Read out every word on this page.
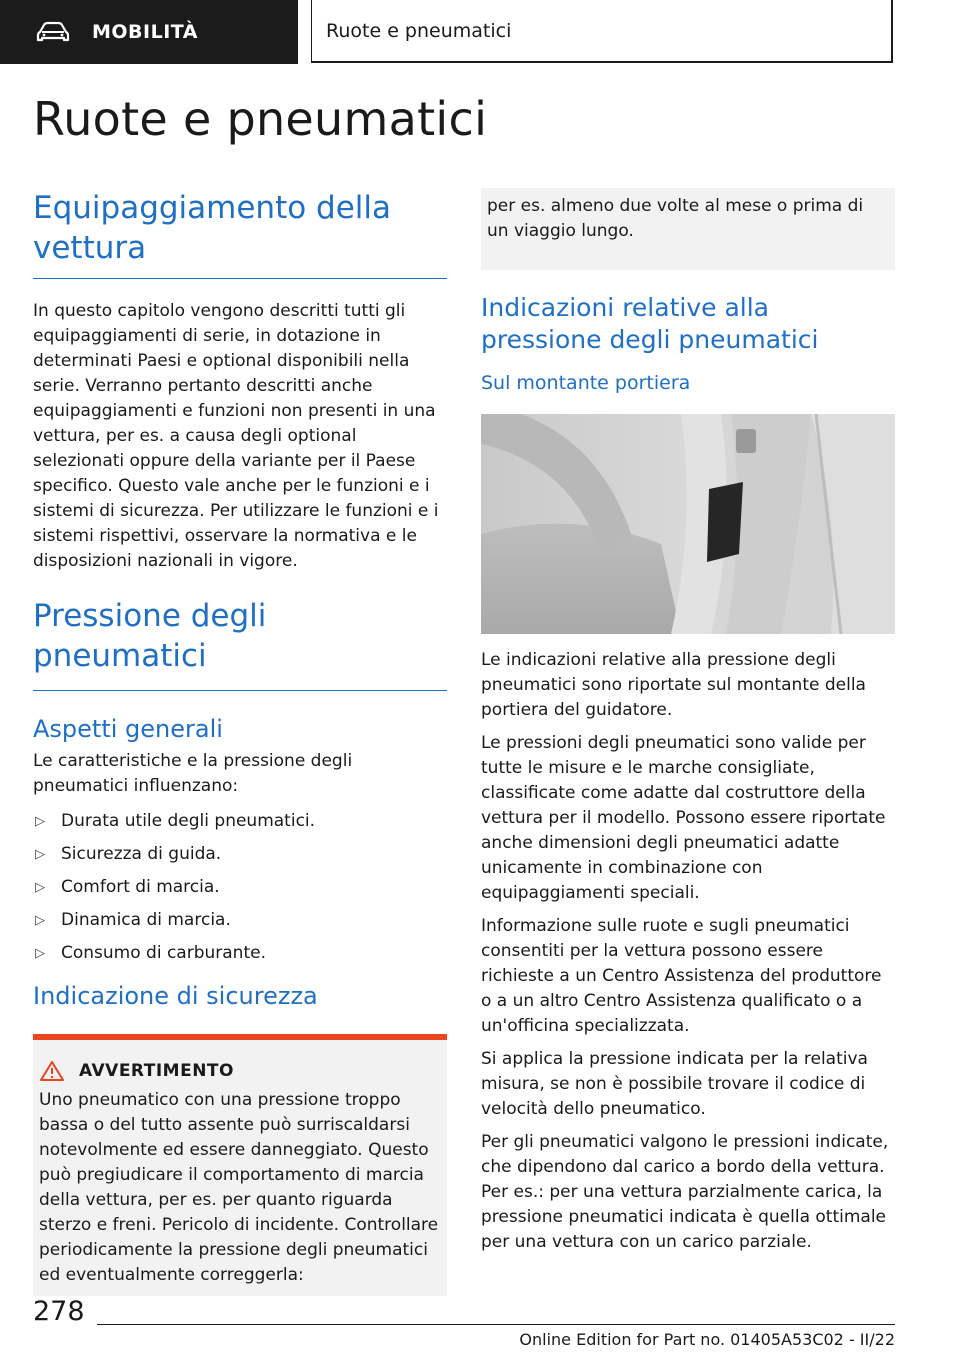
MOBILITÀ	Ruote e pneumatici
Ruote e pneumatici
Equipaggiamento della vettura

In questo capitolo vengono descritti tutti gli equipaggiamenti di serie, in dotazione in determinati Paesi e optional disponibili nella serie. Verranno pertanto descritti anche equipaggiamenti e funzioni non presenti in una vettura, per es. a causa degli optional selezionati oppure della variante per il Paese specifico. Questo vale anche per le funzioni e i sistemi di sicurezza. Per utilizzare le funzioni e i sistemi rispettivi, osservare la normativa e le disposizioni nazionali in vigore.

Pressione degli pneumatici
Aspetti generali

Le caratteristiche e la pressione degli pneumatici influenzano:

▷ Durata utile degli pneumatici.
▷ Sicurezza di guida.
▷ Comfort di marcia.
▷ Dinamica di marcia.
▷ Consumo di carburante.
Indicazione di sicurezza
AVVERTIMENTO

Uno pneumatico con una pressione troppo bassa o del tutto assente può surriscaldarsi notevolmente ed essere danneggiato. Questo può pregiudicare il comportamento di marcia della vettura, per es. per quanto riguarda sterzo e freni. Pericolo di incidente. Controllare periodicamente la pressione degli pneumatici ed eventualmente correggerla:

per es. almeno due volte al mese o prima di un viaggio lungo.

Indicazioni relative alla pressione degli pneumatici
Sul montante portiera

Le indicazioni relative alla pressione degli pneumatici sono riportate sul montante della portiera del guidatore.

Le pressioni degli pneumatici sono valide per tutte le misure e le marche consigliate, classificate come adatte dal costruttore della vettura per il modello. Possono essere riportate anche dimensioni degli pneumatici adatte unicamente in combinazione con equipaggiamenti speciali.

Informazione sulle ruote e sugli pneumatici consentiti per la vettura possono essere richieste a un Centro Assistenza del produttore o a un altro Centro Assistenza qualificato o a un'officina specializzata.

Si applica la pressione indicata per la relativa misura, se non è possibile trovare il codice di velocità dello pneumatico.

Per gli pneumatici valgono le pressioni indicate, che dipendono dal carico a bordo della vettura. Per es.: per una vettura parzialmente carica, la pressione pneumatici indicata è quella ottimale per una vettura con un carico parziale.

278
Online Edition for Part no. 01405A53C02 - II/22
